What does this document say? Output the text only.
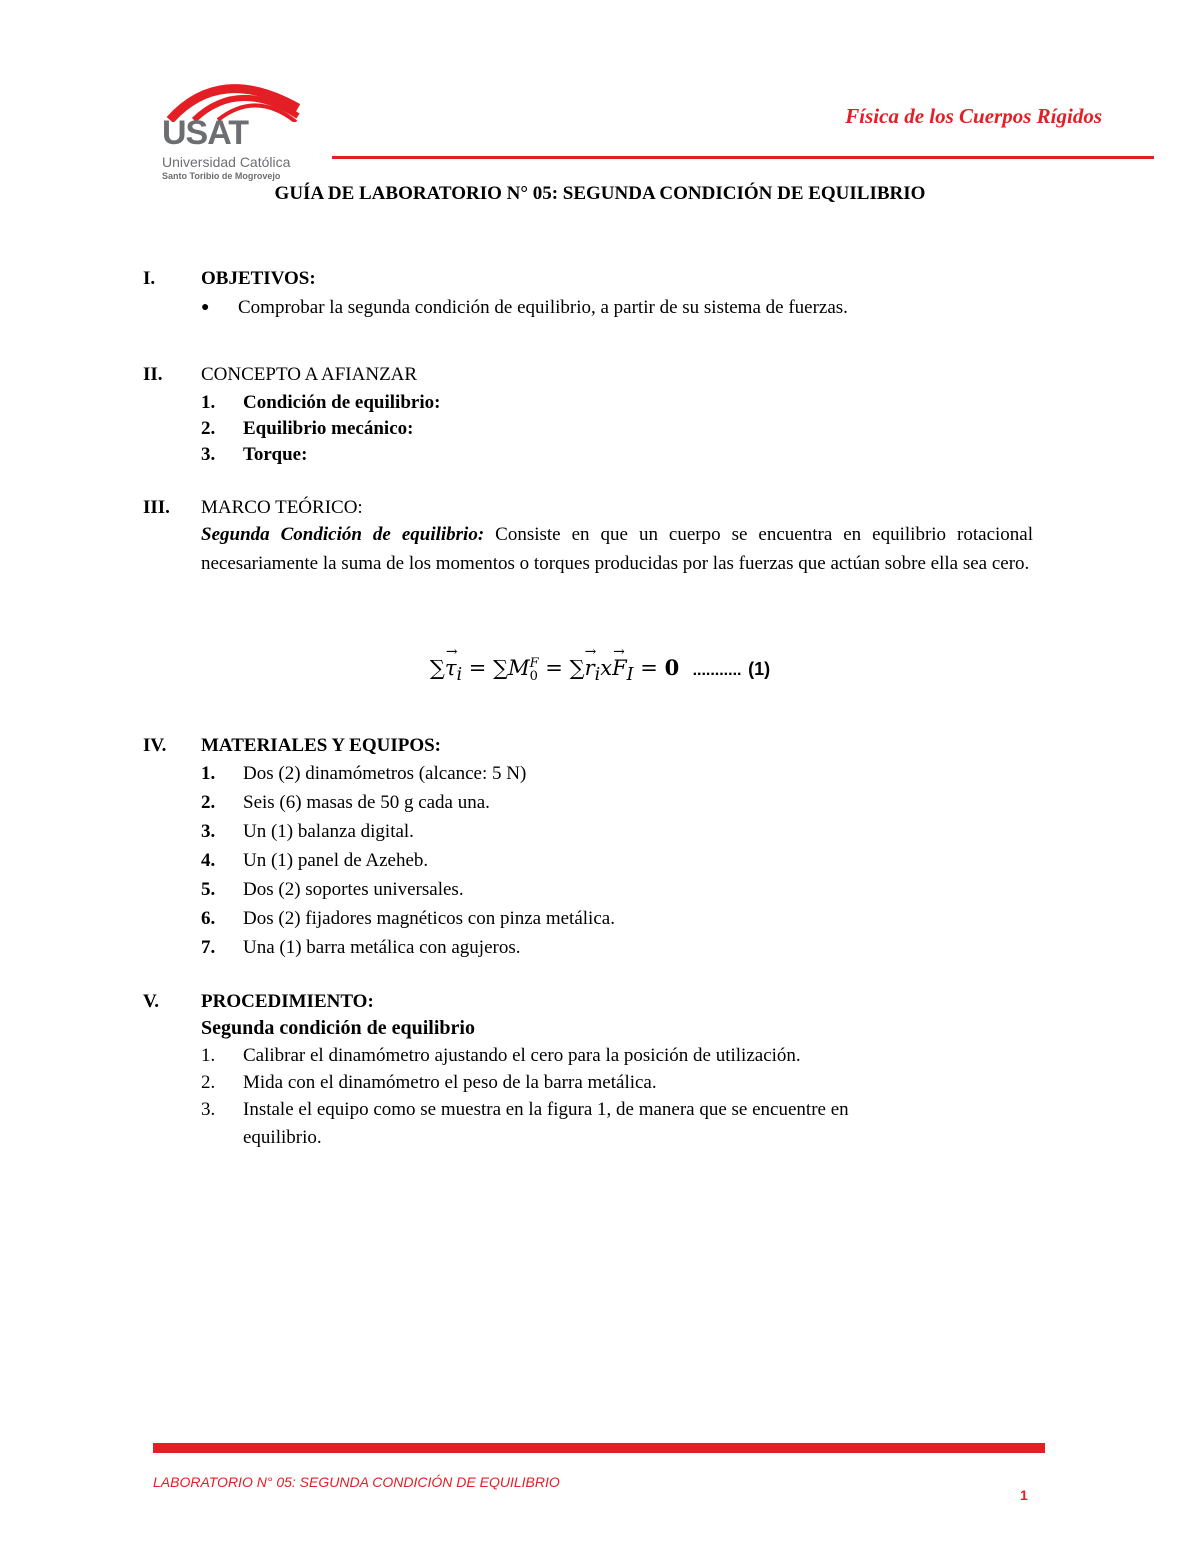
USAT
Universidad Católica
Santo Toribio de Mogrovejo
Física de los Cuerpos Rígidos
GUÍA DE LABORATORIO N° 05: SEGUNDA CONDICIÓN DE EQUILIBRIO
I. OBJETIVOS:
● Comprobar la segunda condición de equilibrio, a partir de su sistema de fuerzas.
II. CONCEPTO A AFIANZAR
1. Condición de equilibrio:
2. Equilibrio mecánico:
3. Torque:
III. MARCO TEÓRICO:
Segunda Condición de equilibrio: Consiste en que un cuerpo se encuentra en equilibrio rotacional necesariamente la suma de los momentos o torques producidas por las fuerzas que actúan sobre ella sea cero.
∑τ
→
$_i$ = ∑M F
0 = ∑r
→
$_i$xF
→
$_I$ = 0 ........... (1)
IV. MATERIALES Y EQUIPOS:
1. Dos (2) dinamómetros (alcance: 5 N)
2. Seis (6) masas de 50 g cada una.
3. Un (1) balanza digital.
4. Un (1) panel de Azeheb.
5. Dos (2) soportes universales.
6. Dos (2) fijadores magnéticos con pinza metálica.
7. Una (1) barra metálica con agujeros.
V. PROCEDIMIENTO:
Segunda condición de equilibrio
1. Calibrar el dinamómetro ajustando el cero para la posición de utilización.
2. Mida con el dinamómetro el peso de la barra metálica.
3. Instale el equipo como se muestra en la figura 1, de manera que se encuentre en
equilibrio.
LABORATORIO N° 05: SEGUNDA CONDICIÓN DE EQUILIBRIO
1
